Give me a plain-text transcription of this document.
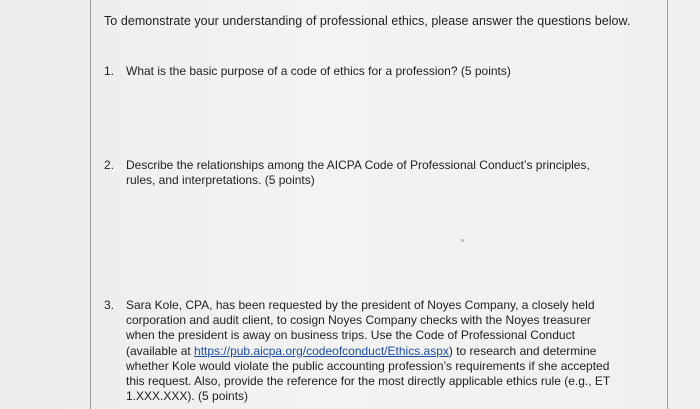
To demonstrate your understanding of professional ethics, please answer the questions below.
1. What is the basic purpose of a code of ethics for a profession? (5 points)
2. Describe the relationships among the AICPA Code of Professional Conduct’s principles, rules, and interpretations. (5 points)
3. Sara Kole, CPA, has been requested by the president of Noyes Company, a closely held corporation and audit client, to cosign Noyes Company checks with the Noyes treasurer when the president is away on business trips. Use the Code of Professional Conduct (available at https://pub.aicpa.org/codeofconduct/Ethics.aspx) to research and determine whether Kole would violate the public accounting profession’s requirements if she accepted this request. Also, provide the reference for the most directly applicable ethics rule (e.g., ET 1.XXX.XXX). (5 points)
